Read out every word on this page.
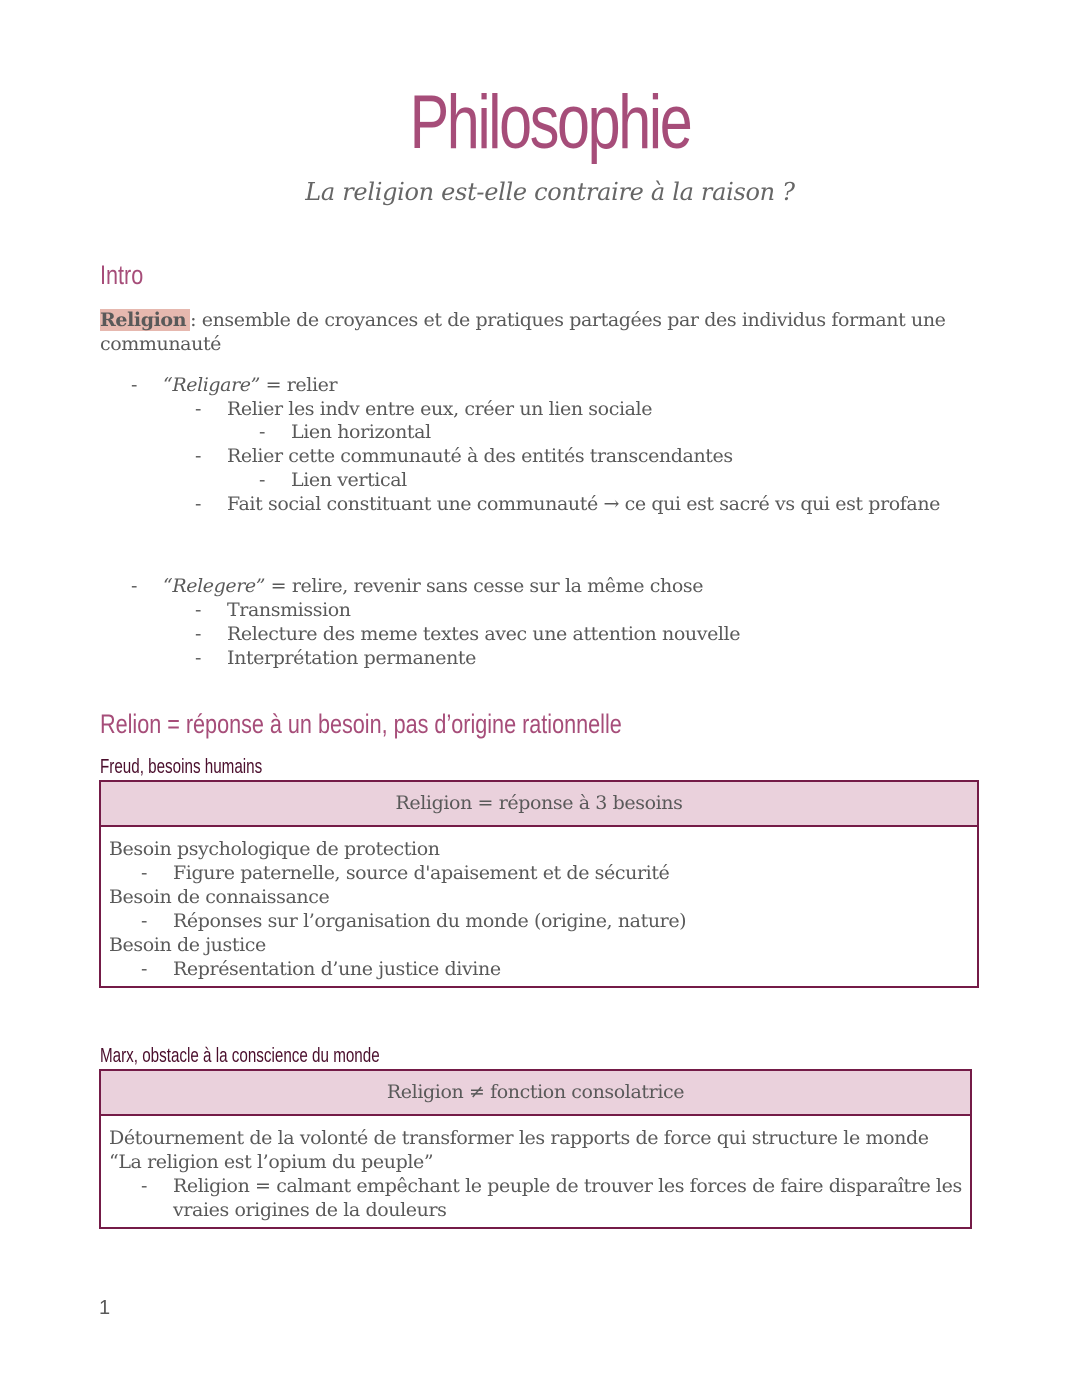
Philosophie
La religion est-elle contraire à la raison ?
Intro
Religion : ensemble de croyances et de pratiques partagées par des individus formant une communauté
- “Religare” = relier
- Relier les indv entre eux, créer un lien sociale
- Lien horizontal
- Relier cette communauté à des entités transcendantes
- Lien vertical
- Fait social constituant une communauté → ce qui est sacré vs qui est profane
- “Relegere” = relire, revenir sans cesse sur la même chose
- Transmission
- Relecture des meme textes avec une attention nouvelle
- Interprétation permanente
Relion = réponse à un besoin, pas d’origine rationnelle
Freud, besoins humains
Religion = réponse à 3 besoins
Besoin psychologique de protection
- Figure paternelle, source d'apaisement et de sécurité
Besoin de connaissance
- Réponses sur l’organisation du monde (origine, nature)
Besoin de justice
- Représentation d’une justice divine
Marx, obstacle à la conscience du monde
Religion ≠ fonction consolatrice
Détournement de la volonté de transformer les rapports de force qui structure le monde
“La religion est l’opium du peuple”
- Religion = calmant empêchant le peuple de trouver les forces de faire disparaître les
vraies origines de la douleurs
1
